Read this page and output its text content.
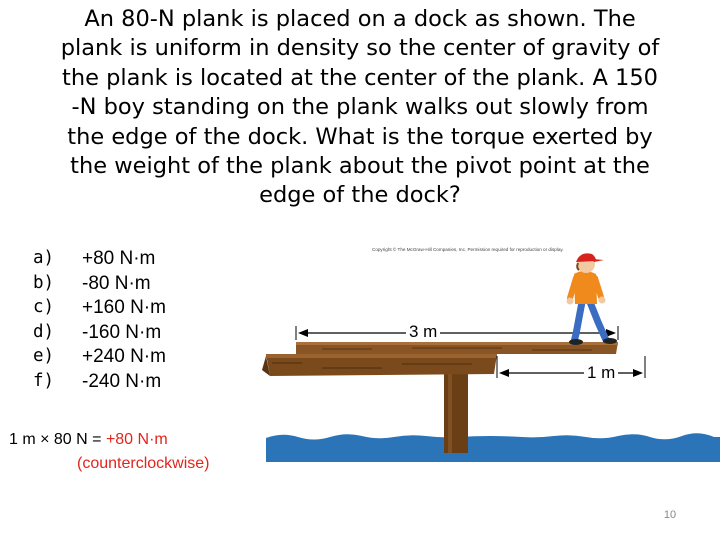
An 80-N plank is placed on a dock as shown. The
plank is uniform in density so the center of gravity of
the plank is located at the center of the plank. A 150
-N boy standing on the plank walks out slowly from
the edge of the dock. What is the torque exerted by
the weight of the plank about the pivot point at the
edge of the dock?
a) +80 N·m
b) -80 N·m
c) +160 N·m
d) -160 N·m
e) +240 N·m
f) -240 N·m
Copyright © The McGraw-Hill Companies, Inc. Permission required for reproduction or display.
3 m
1 m
1 m × 80 N = +80 N·m
(counterclockwise)
10
